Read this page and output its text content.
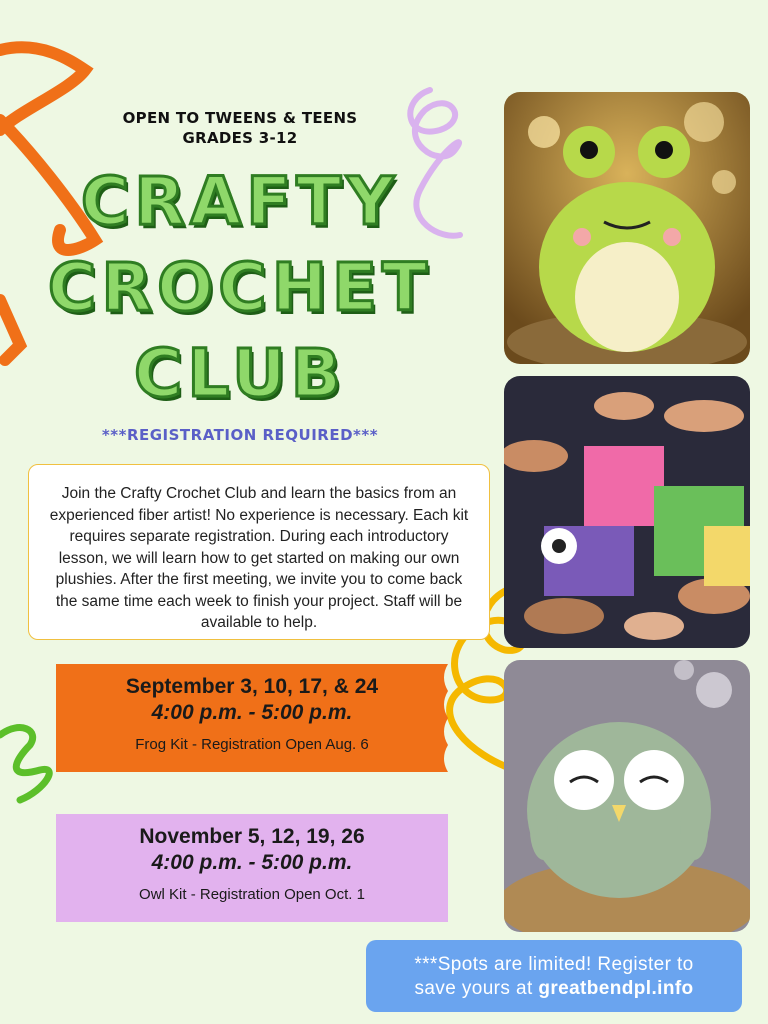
OPEN TO TWEENS & TEENS
GRADES 3-12
CRAFTY
CROCHET
CLUB
***REGISTRATION REQUIRED***

Join the Crafty Crochet Club and learn the basics from an experienced fiber artist! No experience is necessary. Each kit requires separate registration. During each introductory lesson, we will learn how to get started on making our own plushies. After the first meeting, we invite you to come back the same time each week to finish your project. Staff will be available to help.

September 3, 10, 17, & 24
4:00 p.m. - 5:00 p.m.
Frog Kit - Registration Open Aug. 6
November 5, 12, 19, 26
4:00 p.m. - 5:00 p.m.
Owl Kit - Registration Open Oct. 1
***Spots are limited! Register to
save yours at greatbendpl.info
